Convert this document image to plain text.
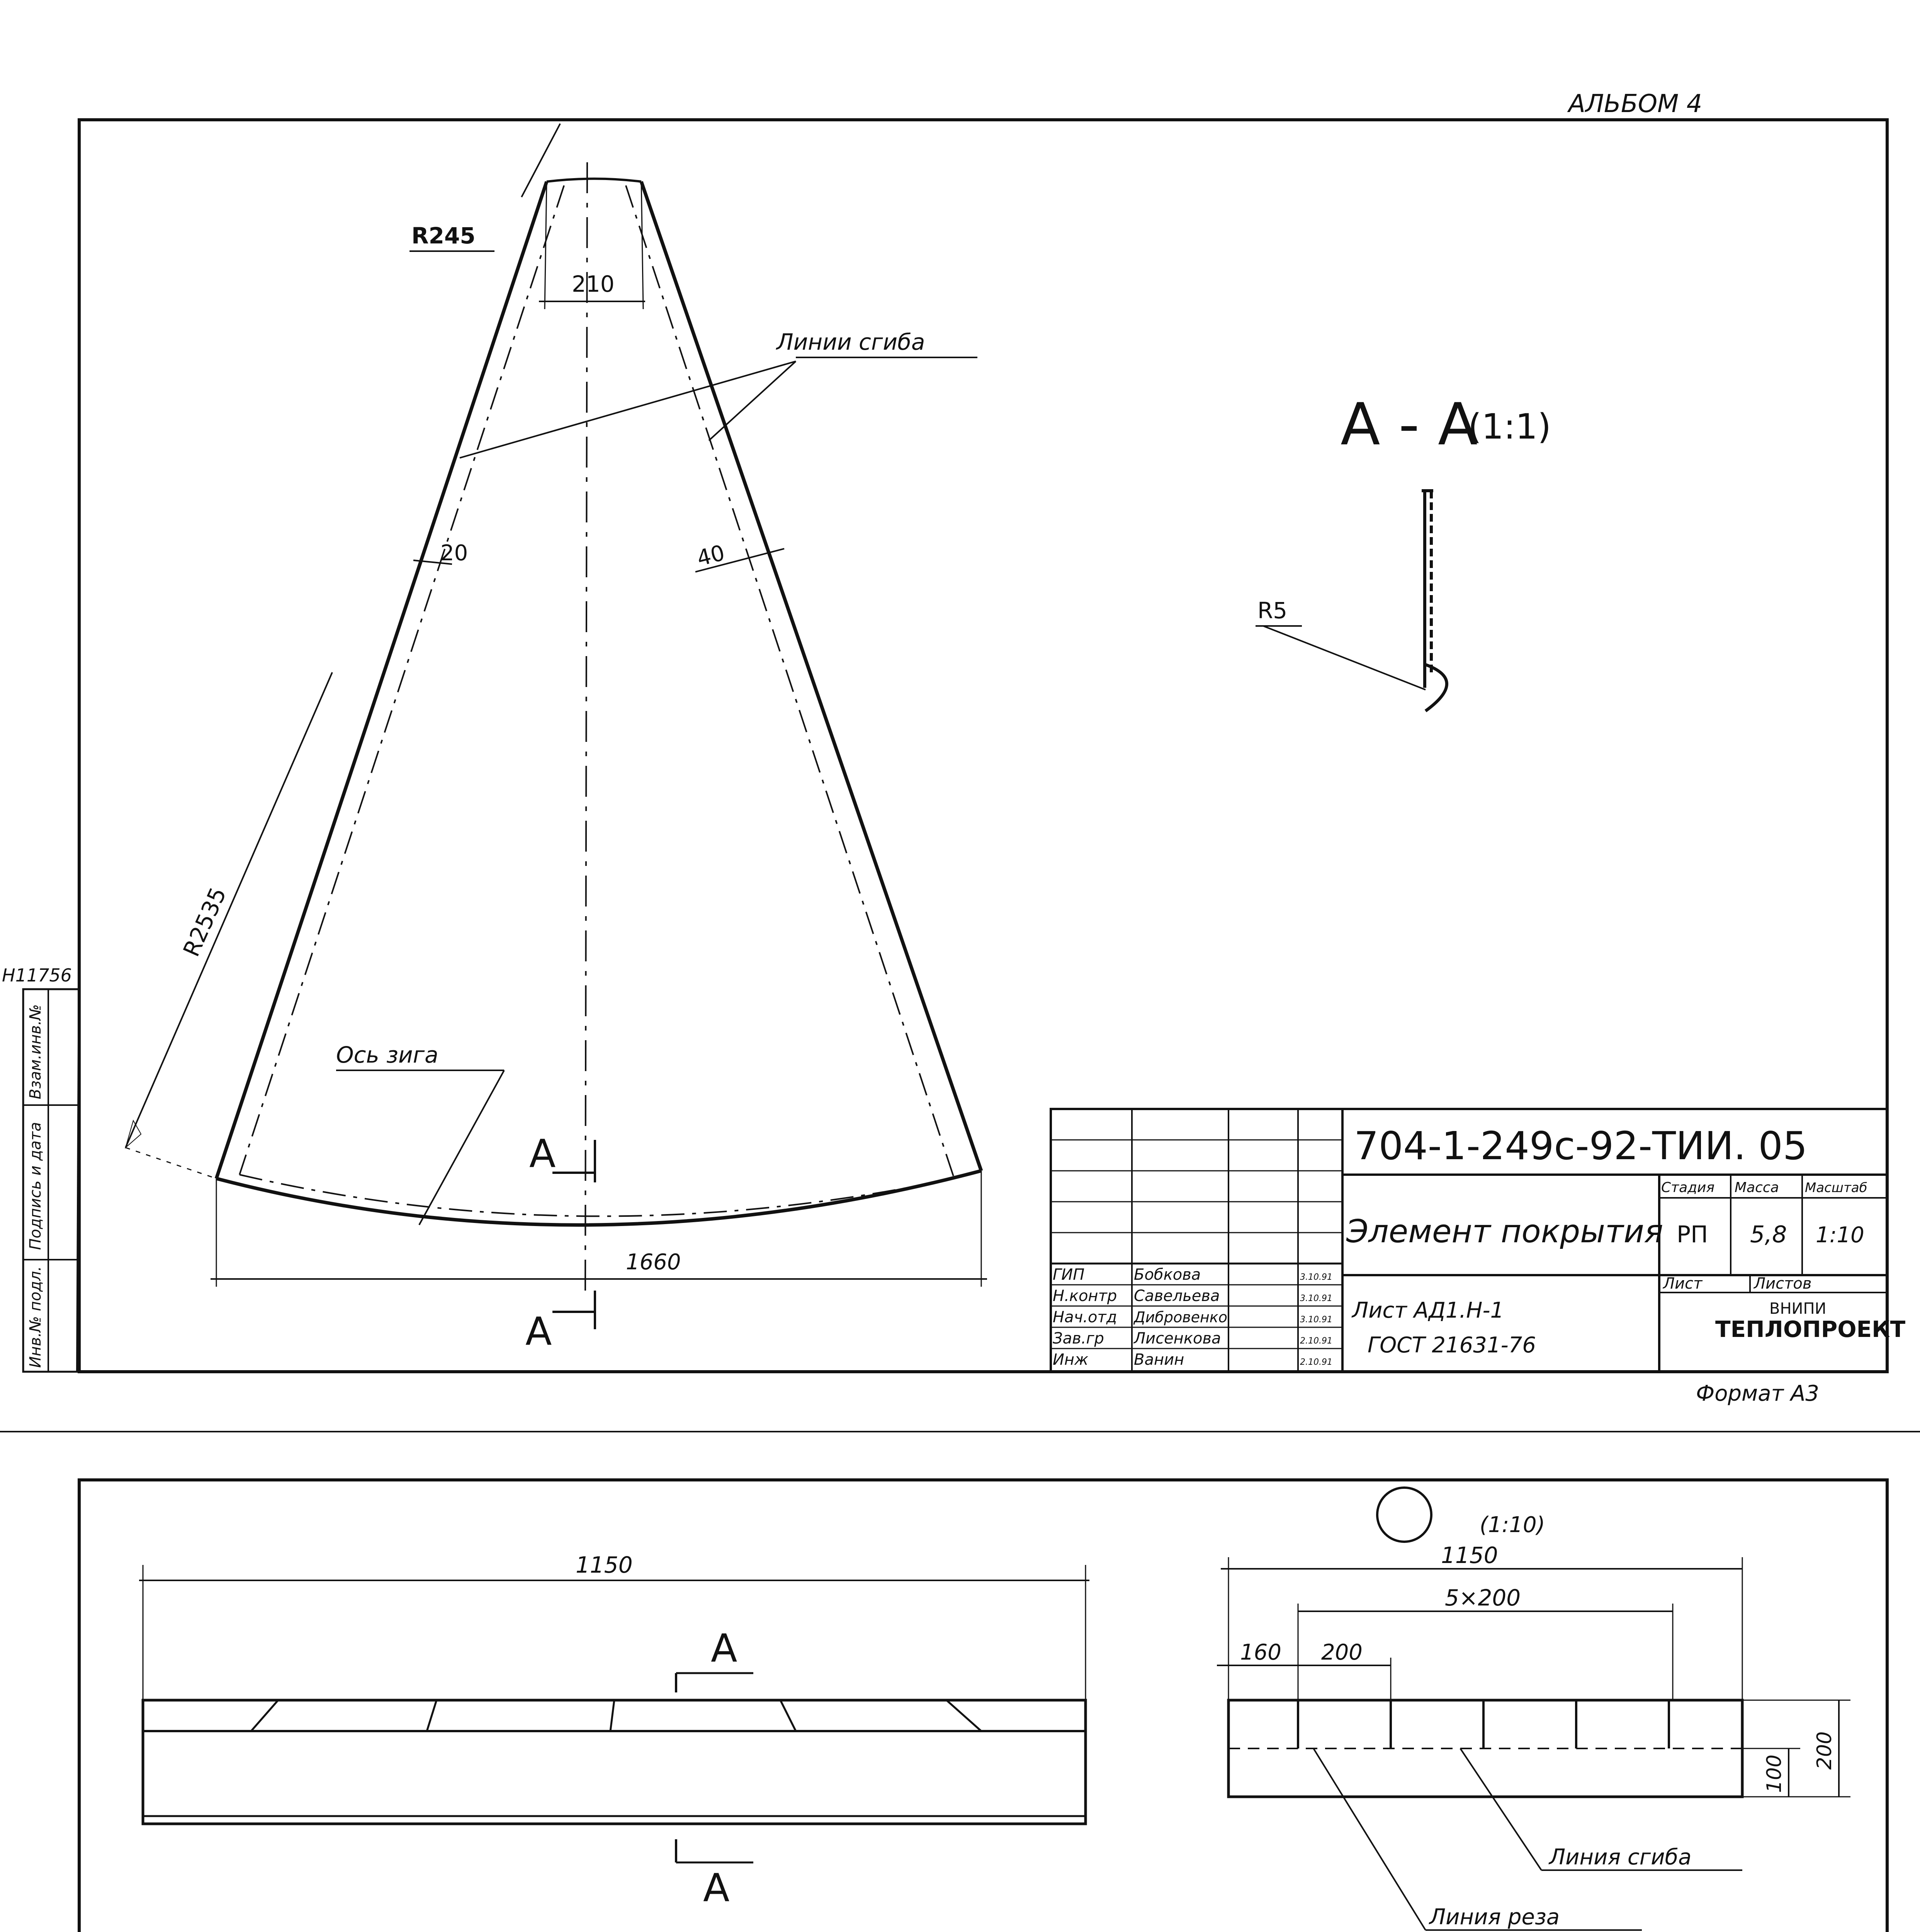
АЛЬБОМ 4
R245
210
Линии сгиба
20	40
R2535
Ось зига
1660
А
А
А - А
(1:1)
R5
704-1-249с-92-ТИИ. 05
Элемент покрытия
Стадия Масса Масштаб
РП 5,8 1:10
Лист	Листов
ВНИПИ
ТЕПЛОПРОЕКТ
Лист АД1.Н-1
ГОСТ 21631-76
ГИП	Бобкова	3.10.91
Н.контр Савельева	3.10.91
Нач.отд Дибровенко	3.10.91
Зав.гр Лисенкова	2.10.91
Инж	Ванин	2.10.91
Формат А3
1150
А
А
(1:10)
1150
5×200
160 200
100
200
Линия сгиба
Линия реза
Н11756
Взам.инв.№
Подпись и дата
Инв.№ подл.
